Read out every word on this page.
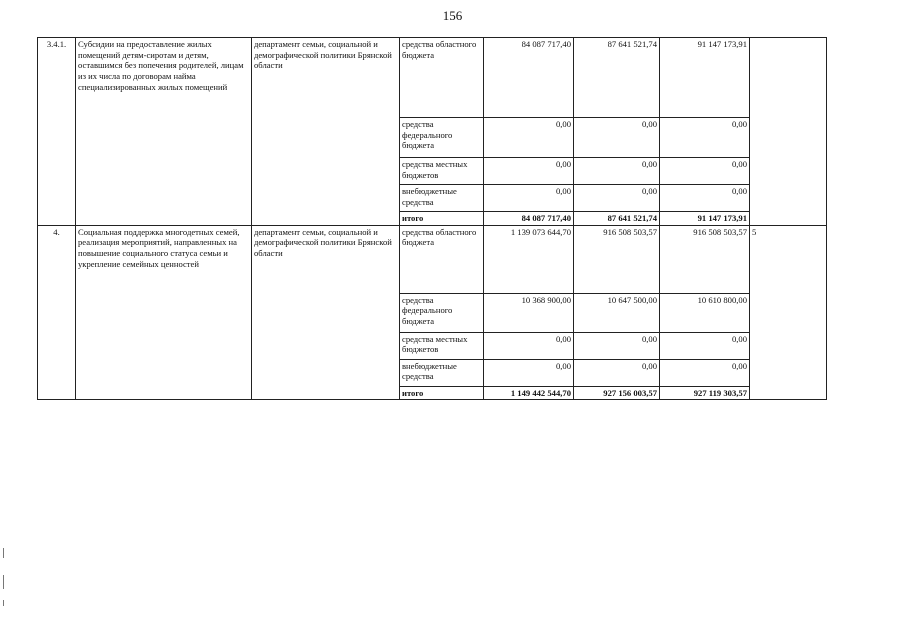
156
3.4.1.	Субсидии на предоставление жилых помещений детям-сиротам и детям, оставшимся без попечения родителей, лицам из их числа по договорам найма специализированных жилых помещений	департамент семьи, социальной и демографической политики Брянской области	средства областного бюджета	84 087 717,40	87 641 521,74	91 147 173,91	
			средства федерального бюджета	0,00	0,00	0,00	
			средства местных бюджетов	0,00	0,00	0,00	
			внебюджетные средства	0,00	0,00	0,00	
			итого	84 087 717,40	87 641 521,74	91 147 173,91	
4.	Социальная поддержка многодетных семей, реализация мероприятий, направленных на повышение социального статуса семьи и укрепление семейных ценностей	департамент семьи, социальной и демографической политики Брянской области	средства областного бюджета	1 139 073 644,70	916 508 503,57	916 508 503,57	5
			средства федерального бюджета	10 368 900,00	10 647 500,00	10 610 800,00	
			средства местных бюджетов	0,00	0,00	0,00	
			внебюджетные средства	0,00	0,00	0,00	
			итого	1 149 442 544,70	927 156 003,57	927 119 303,57	
